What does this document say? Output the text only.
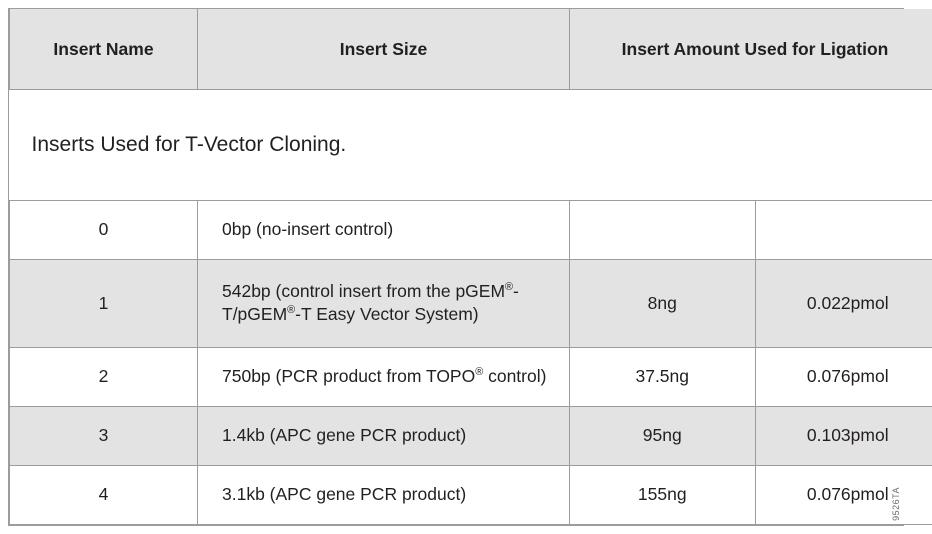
Inserts Used for T-Vector Cloning.			
Insert Name	Insert Size	Insert Amount Used for Ligation	
0	0bp (no-insert control)		
1	542bp (control insert from the pGEM®-T/pGEM®-T Easy Vector System)	8ng	0.022pmol
2	750bp (PCR product from TOPO® control)	37.5ng	0.076pmol
3	1.4kb (APC gene PCR product)	95ng	0.103pmol
4	3.1kb (APC gene PCR product)	155ng	0.076pmol 9526TA
